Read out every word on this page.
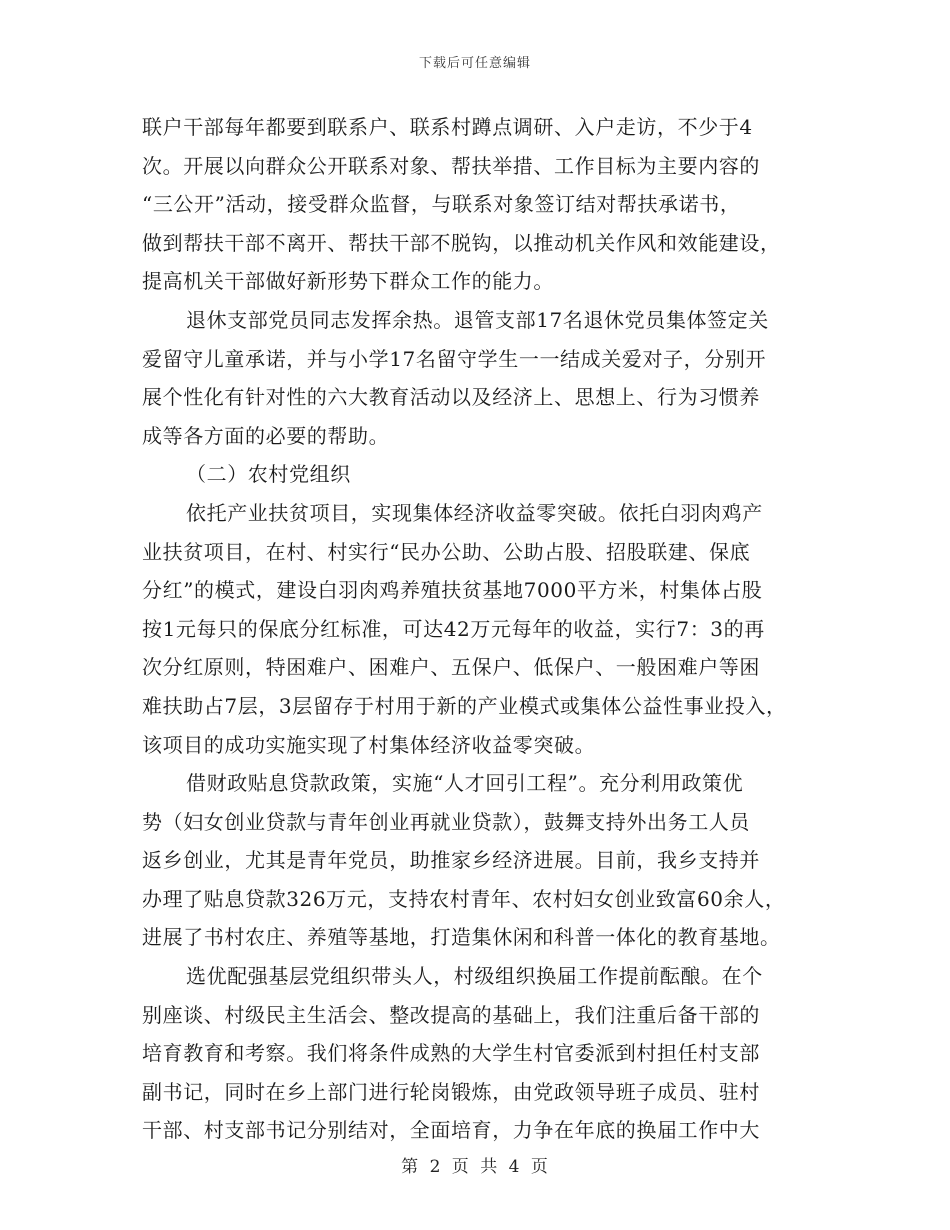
下载后可任意编辑
联户干部每年都要到联系户、联系村蹲点调研、入户走访，不少于4
次。开展以向群众公开联系对象、帮扶举措、工作目标为主要内容的
“三公开”活动，接受群众监督，与联系对象签订结对帮扶承诺书，
做到帮扶干部不离开、帮扶干部不脱钩，以推动机关作风和效能建设，
提高机关干部做好新形势下群众工作的能力。
退休支部党员同志发挥余热。退管支部17名退休党员集体签定关
爱留守儿童承诺，并与小学17名留守学生一一结成关爱对子，分别开
展个性化有针对性的六大教育活动以及经济上、思想上、行为习惯养
成等各方面的必要的帮助。
（二）农村党组织
依托产业扶贫项目，实现集体经济收益零突破。依托白羽肉鸡产
业扶贫项目，在村、村实行“民办公助、公助占股、招股联建、保底
分红”的模式，建设白羽肉鸡养殖扶贫基地7000平方米，村集体占股
按1元每只的保底分红标准，可达42万元每年的收益，实行7：3的再
次分红原则，特困难户、困难户、五保户、低保户、一般困难户等困
难扶助占7层，3层留存于村用于新的产业模式或集体公益性事业投入，
该项目的成功实施实现了村集体经济收益零突破。
借财政贴息贷款政策，实施“人才回引工程”。充分利用政策优
势（妇女创业贷款与青年创业再就业贷款），鼓舞支持外出务工人员
返乡创业，尤其是青年党员，助推家乡经济进展。目前，我乡支持并
办理了贴息贷款326万元，支持农村青年、农村妇女创业致富60余人，
进展了书村农庄、养殖等基地，打造集休闲和科普一体化的教育基地。
选优配强基层党组织带头人，村级组织换届工作提前酝酿。在个
别座谈、村级民主生活会、整改提高的基础上，我们注重后备干部的
培育教育和考察。我们将条件成熟的大学生村官委派到村担任村支部
副书记，同时在乡上部门进行轮岗锻炼，由党政领导班子成员、驻村
干部、村支部书记分别结对，全面培育，力争在年底的换届工作中大
第 2 页 共 4 页
